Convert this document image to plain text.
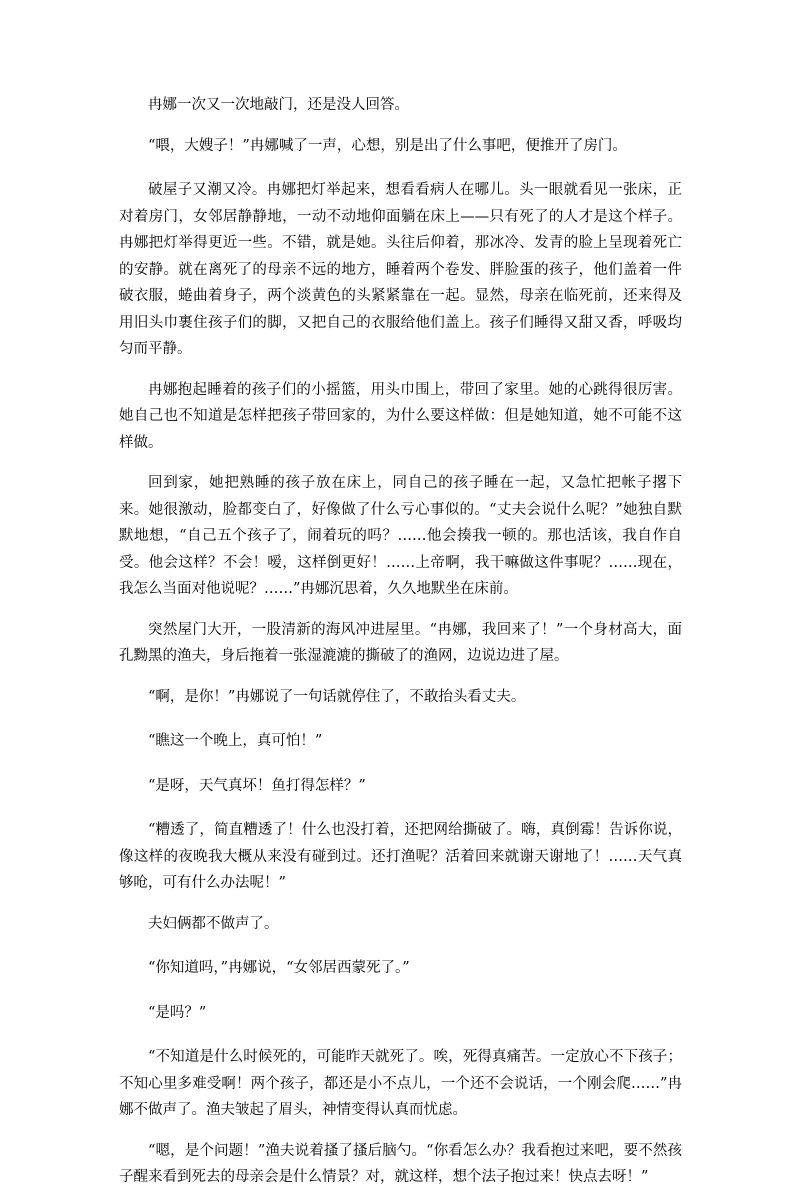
冉娜一次又一次地敲门，还是没人回答。

“喂，大嫂子！”冉娜喊了一声，心想，别是出了什么事吧，便推开了房门。

破屋子又潮又冷。冉娜把灯举起来，想看看病人在哪儿。头一眼就看见一张床，正对着房门，女邻居静静地，一动不动地仰面躺在床上——只有死了的人才是这个样子。冉娜把灯举得更近一些。不错，就是她。头往后仰着，那冰冷、发青的脸上呈现着死亡的安静。就在离死了的母亲不远的地方，睡着两个卷发、胖脸蛋的孩子，他们盖着一件破衣服，蜷曲着身子，两个淡黄色的头紧紧靠在一起。显然，母亲在临死前，还来得及用旧头巾裹住孩子们的脚，又把自己的衣服给他们盖上。孩子们睡得又甜又香，呼吸均匀而平静。

冉娜抱起睡着的孩子们的小摇篮，用头巾围上，带回了家里。她的心跳得很厉害。她自己也不知道是怎样把孩子带回家的，为什么要这样做：但是她知道，她不可能不这样做。

回到家，她把熟睡的孩子放在床上，同自己的孩子睡在一起，又急忙把帐子撂下来。她很激动，脸都变白了，好像做了什么亏心事似的。“丈夫会说什么呢？”她独自默默地想，“自己五个孩子了，闹着玩的吗？……他会揍我一顿的。那也活该，我自作自受。他会这样？不会！嗳，这样倒更好！……上帝啊，我干嘛做这件事呢？……现在，我怎么当面对他说呢？……”冉娜沉思着，久久地默坐在床前。

突然屋门大开，一股清新的海风冲进屋里。“冉娜，我回来了！”一个身材高大，面孔黝黑的渔夫，身后拖着一张湿漉漉的撕破了的渔网，边说边进了屋。

“啊，是你！”冉娜说了一句话就停住了，不敢抬头看丈夫。

“瞧这一个晚上，真可怕！”

“是呀，天气真坏！鱼打得怎样？”

“糟透了，简直糟透了！什么也没打着，还把网给撕破了。嗨，真倒霉！告诉你说，像这样的夜晚我大概从来没有碰到过。还打渔呢？活着回来就谢天谢地了！……天气真够呛，可有什么办法呢！”

夫妇俩都不做声了。

“你知道吗，”冉娜说，“女邻居西蒙死了。”

“是吗？”

“不知道是什么时候死的，可能昨天就死了。唉，死得真痛苦。一定放心不下孩子；不知心里多难受啊！两个孩子，都还是小不点儿，一个还不会说话，一个刚会爬……”冉娜不做声了。渔夫皱起了眉头，神情变得认真而忧虑。

“嗯，是个问题！”渔夫说着搔了搔后脑勺。“你看怎么办？我看抱过来吧，要不然孩子醒来看到死去的母亲会是什么情景？对，就这样，想个法子抱过来！快点去呀！”
